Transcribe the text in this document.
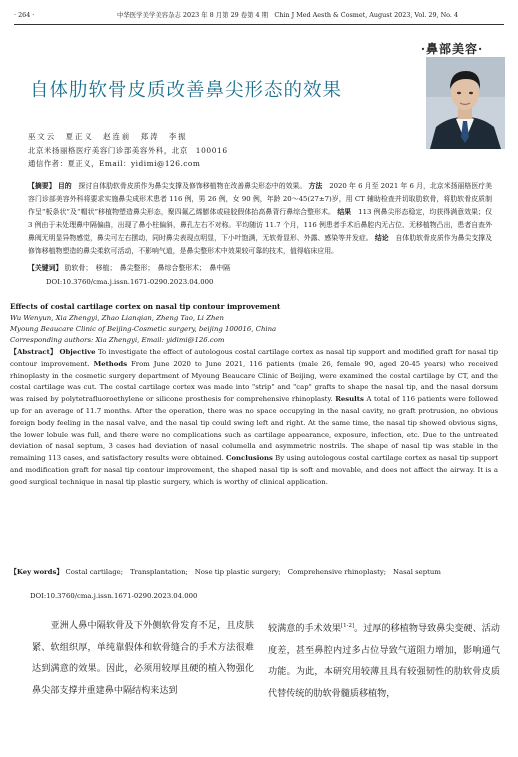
· 264 ·	中华医学美学美容杂志 2023 年 8 月第 29 卷第 4 期　Chin J Med Aesth & Cosmet, August 2023, Vol. 29, No. 4
·鼻部美容·
自体肋软骨皮质改善鼻尖形态的效果
巫文云　夏正义　赵连前　郑涛　李振
北京米扬丽格医疗美容门诊部美容外科，北京　100016
通信作者：夏正义，Email：yidimi@126.com
【摘要】 目的　 探讨自体肋软骨皮质作为鼻尖支撑及修饰移植物在改善鼻尖形态中的效果。 方法　 2020 年 6 月至 2021 年 6 月，北京米扬丽格医疗美容门诊部美容外科将要求实施鼻尖成形术患者 116 例，男 26 例，女 90 例，年龄 20～45(27±7)岁，用 CT 辅助检查并切取肋软骨，将肋软骨皮质制作呈“板条状”及“帽状”移植物塑造鼻尖形态，聚四氟乙烯膨体或硅胶假体抬高鼻背行鼻综合整形术。 结果　 113 例鼻尖形态稳定，均获得满意效果；仅 3 例由于未处理鼻中隔偏曲，出现了鼻小柱偏斜，鼻孔左右不对称。平均随访 11.7 个月，116 例患者手术后鼻腔内无占位、无移植物凸出，患者自查外鼻阀无明显异物感觉，鼻尖可左右摆动，同时鼻尖表现点明显，下小叶饱满，无软骨显形、外露、感染等并发症。 结论　 自体肋软骨皮质作为鼻尖支撑及修饰移植物塑造的鼻尖柔软可活动，不影响气道，是鼻尖整形术中效果较可靠的技术，值得临床应用。
【关键词】 肋软骨；　移植；　鼻尖整形；　鼻综合整形术；　鼻中隔
DOI:10.3760/cma.j.issn.1671-0290.2023.04.000
Effects of costal cartilage cortex on nasal tip contour improvement
Wu Wenyun, Xia Zhengyi, Zhao Lianqian, Zheng Tao, Li Zhen
Myoung Beaucare Clinic of Beijing-Cosmetic surgery, beijing 100016, China
Corresponding authors: Xia Zhengyi, Email: yidimi@126.com
【Abstract】 Objective To investigate the effect of autologous costal cartilage cortex as nasal tip support and modified graft for nasal tip contour improvement. Methods From June 2020 to June 2021, 116 patients (male 26, female 90, aged 20-45 years) who received rhinoplasty in the cosmetic surgery department of Myoung Beaucare Clinic of Beijing, were examined the costal cartilage by CT, and the costal cartilage was cut. The costal cartilage cortex was made into "strip" and "cap" grafts to shape the nasal tip, and the nasal dorsum was raised by polytetrafluoroethylene or silicone prosthesis for comprehensive rhinoplasty. Results A total of 116 patients were followed up for an average of 11.7 months. After the operation, there was no space occupying in the nasal cavity, no graft protrusion, no obvious foreign body feeling in the nasal valve, and the nasal tip could swing left and right. At the same time, the nasal tip showed obvious signs, the lower lobule was full, and there were no complications such as cartilage appearance, exposure, infection, etc. Due to the untreated deviation of nasal septum, 3 cases had deviation of nasal columella and asymmetric nostrils. The shape of nasal tip was stable in the remaining 113 cases, and satisfactory results were obtained. Conclusions By using autologous costal cartilage cortex as nasal tip support and modification graft for nasal tip contour improvement, the shaped nasal tip is soft and movable, and does not affect the airway. It is a good surgical technique in nasal tip plastic surgery, which is worthy of clinical application.
【Key words】 Costal cartilage;　Transplantation;　Nose tip plastic surgery;　Comprehensive rhinoplasty;　Nasal septum
DOI:10.3760/cma.j.issn.1671-0290.2023.04.000
　　亚洲人鼻中隔软骨及下外侧软骨发育不足，且皮肤紧、软组织厚，单纯靠假体和软骨缝合的手术方法很难达到满意的效果。因此，必须用较厚且硬的植入物强化鼻尖部支撑并重建鼻中隔结构来达到
较满意的手术效果[1-2]。过厚的移植物导致鼻尖变硬、活动度差，甚至鼻腔内过多占位导致气道阻力增加，影响通气功能。为此，本研究用较薄且具有较强韧性的肋软骨皮质代替传统的肋软骨髓质移植物，
